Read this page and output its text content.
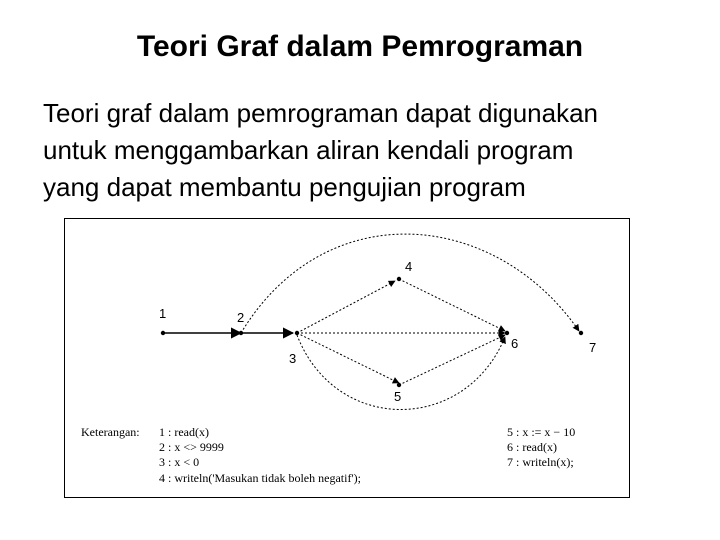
Teori Graf dalam Pemrograman
Teori graf dalam pemrograman dapat digunakan
untuk menggambarkan aliran kendali program
yang dapat membantu pengujian program
1	2
3
4
5
6	7
Keterangan: 1 : read(x)
2 : x <> 9999
3 : x < 0
4 : writeln('Masukan tidak boleh negatif');
5 : x := x − 10
6 : read(x)
7 : writeln(x);
